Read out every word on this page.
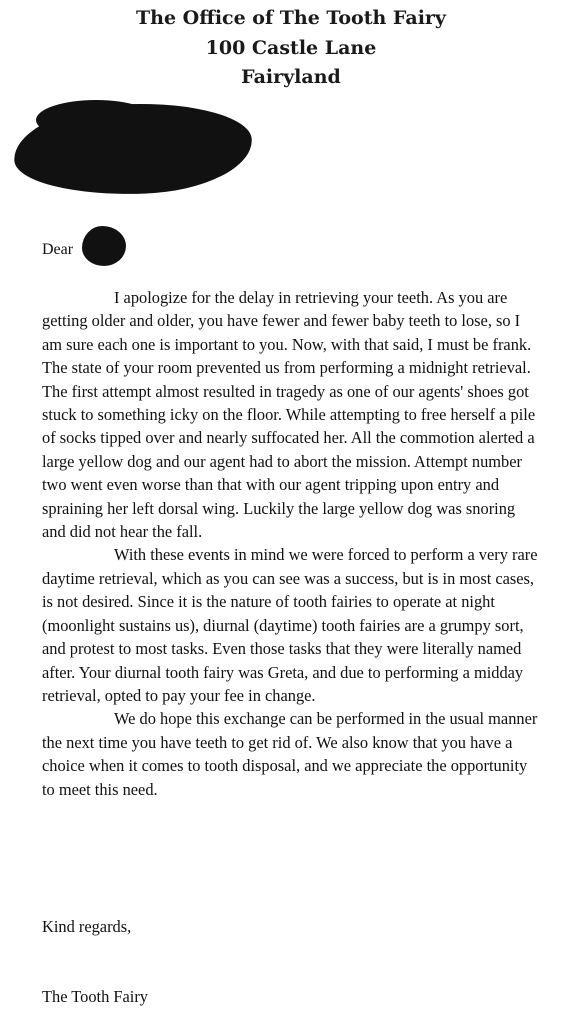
The Office of The Tooth Fairy
100 Castle Lane
Fairyland
Dear

I apologize for the delay in retrieving your teeth. As you are getting older and older, you have fewer and fewer baby teeth to lose, so I am sure each one is important to you. Now, with that said, I must be frank. The state of your room prevented us from performing a midnight retrieval. The first attempt almost resulted in tragedy as one of our agents' shoes got stuck to something icky on the floor. While attempting to free herself a pile of socks tipped over and nearly suffocated her. All the commotion alerted a large yellow dog and our agent had to abort the mission. Attempt number two went even worse than that with our agent tripping upon entry and spraining her left dorsal wing. Luckily the large yellow dog was snoring and did not hear the fall.

With these events in mind we were forced to perform a very rare daytime retrieval, which as you can see was a success, but is in most cases, is not desired. Since it is the nature of tooth fairies to operate at night (moonlight sustains us), diurnal (daytime) tooth fairies are a grumpy sort, and protest to most tasks. Even those tasks that they were literally named after. Your diurnal tooth fairy was Greta, and due to performing a midday retrieval, opted to pay your fee in change.

We do hope this exchange can be performed in the usual manner the next time you have teeth to get rid of. We also know that you have a choice when it comes to tooth disposal, and we appreciate the opportunity to meet this need.

Kind regards,
The Tooth Fairy
